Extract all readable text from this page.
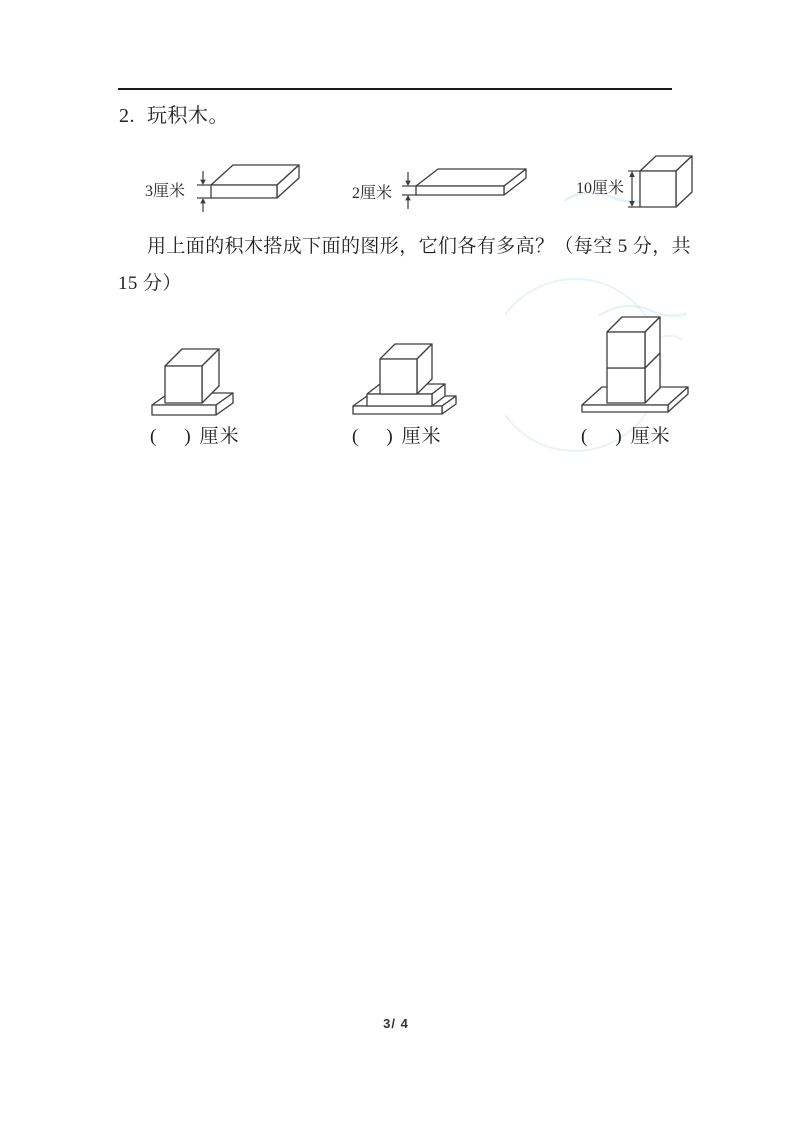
2. 玩积木。
3厘米	2厘米	10厘米
用上面的积木搭成下面的图形，它们各有多高？（每空 5 分，共
15 分）
( ) 厘米	( ) 厘米	( ) 厘米
3/ 4
